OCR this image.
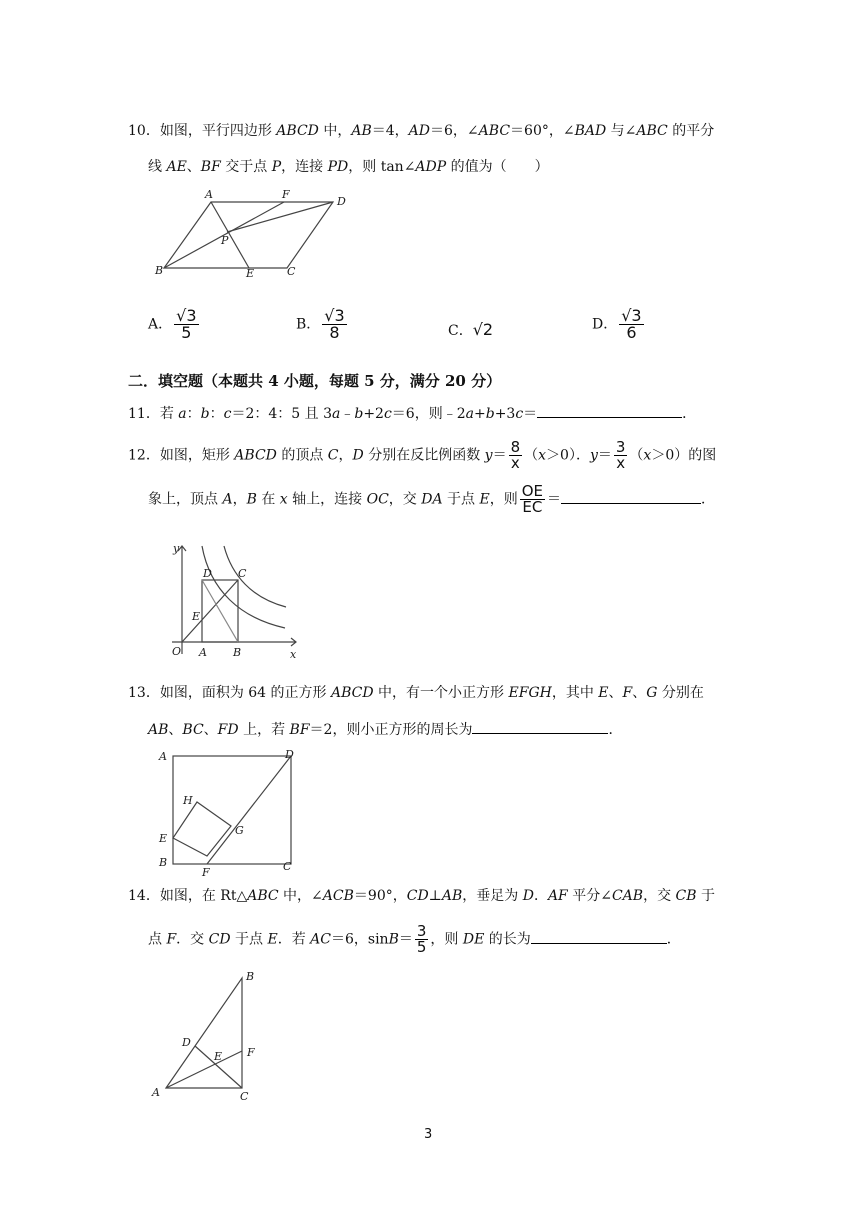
10．如图，平行四边形 ABCD 中，AB＝4，AD＝6，∠ABC＝60°，∠BAD 与∠ABC 的平分
线 AE、BF 交于点 P，连接 PD，则 tan∠ADP 的值为（　　）
A	F
D
P
B	E	C
A． $\frac{√3}{5}$	B． $\frac{√3}{8}$	C．√2	D． $\frac{√3}{6}$
二．填空题（本题共 4 小题，每题 5 分，满分 20 分）
11．若 a：b：c＝2：4：5 且 3a﹣b+2c＝6，则﹣2a+b+3c＝	．
12．如图，矩形 ABCD 的顶点 C，D 分别在反比例函数 $y= \frac{8}{x} (x>0)$．$y= \frac{3}{x} (x>0)$的图
象上，顶点 A，B 在 x 轴上，连接 OC，交 DA 于点 E，则 $\frac{OE}{EC}$ ＝	．
y
x
O A B
D C
E
13．如图，面积为 64 的正方形 ABCD 中，有一个小正方形 EFGH，其中 E、F、G 分别在
AB、BC、FD 上，若 BF＝2，则小正方形的周长为	．
A	D
H
G
E
B
F	C
14．如图，在 Rt△ABC 中，∠ACB＝90°，CD⊥AB，垂足为 D．AF 平分∠CAB，交 CB 于
点 F．交 CD 于点 E．若 AC＝6，$\sin B= \frac{3}{5}$ ，则 DE 的长为	．
B
D
E F
A	C
3
